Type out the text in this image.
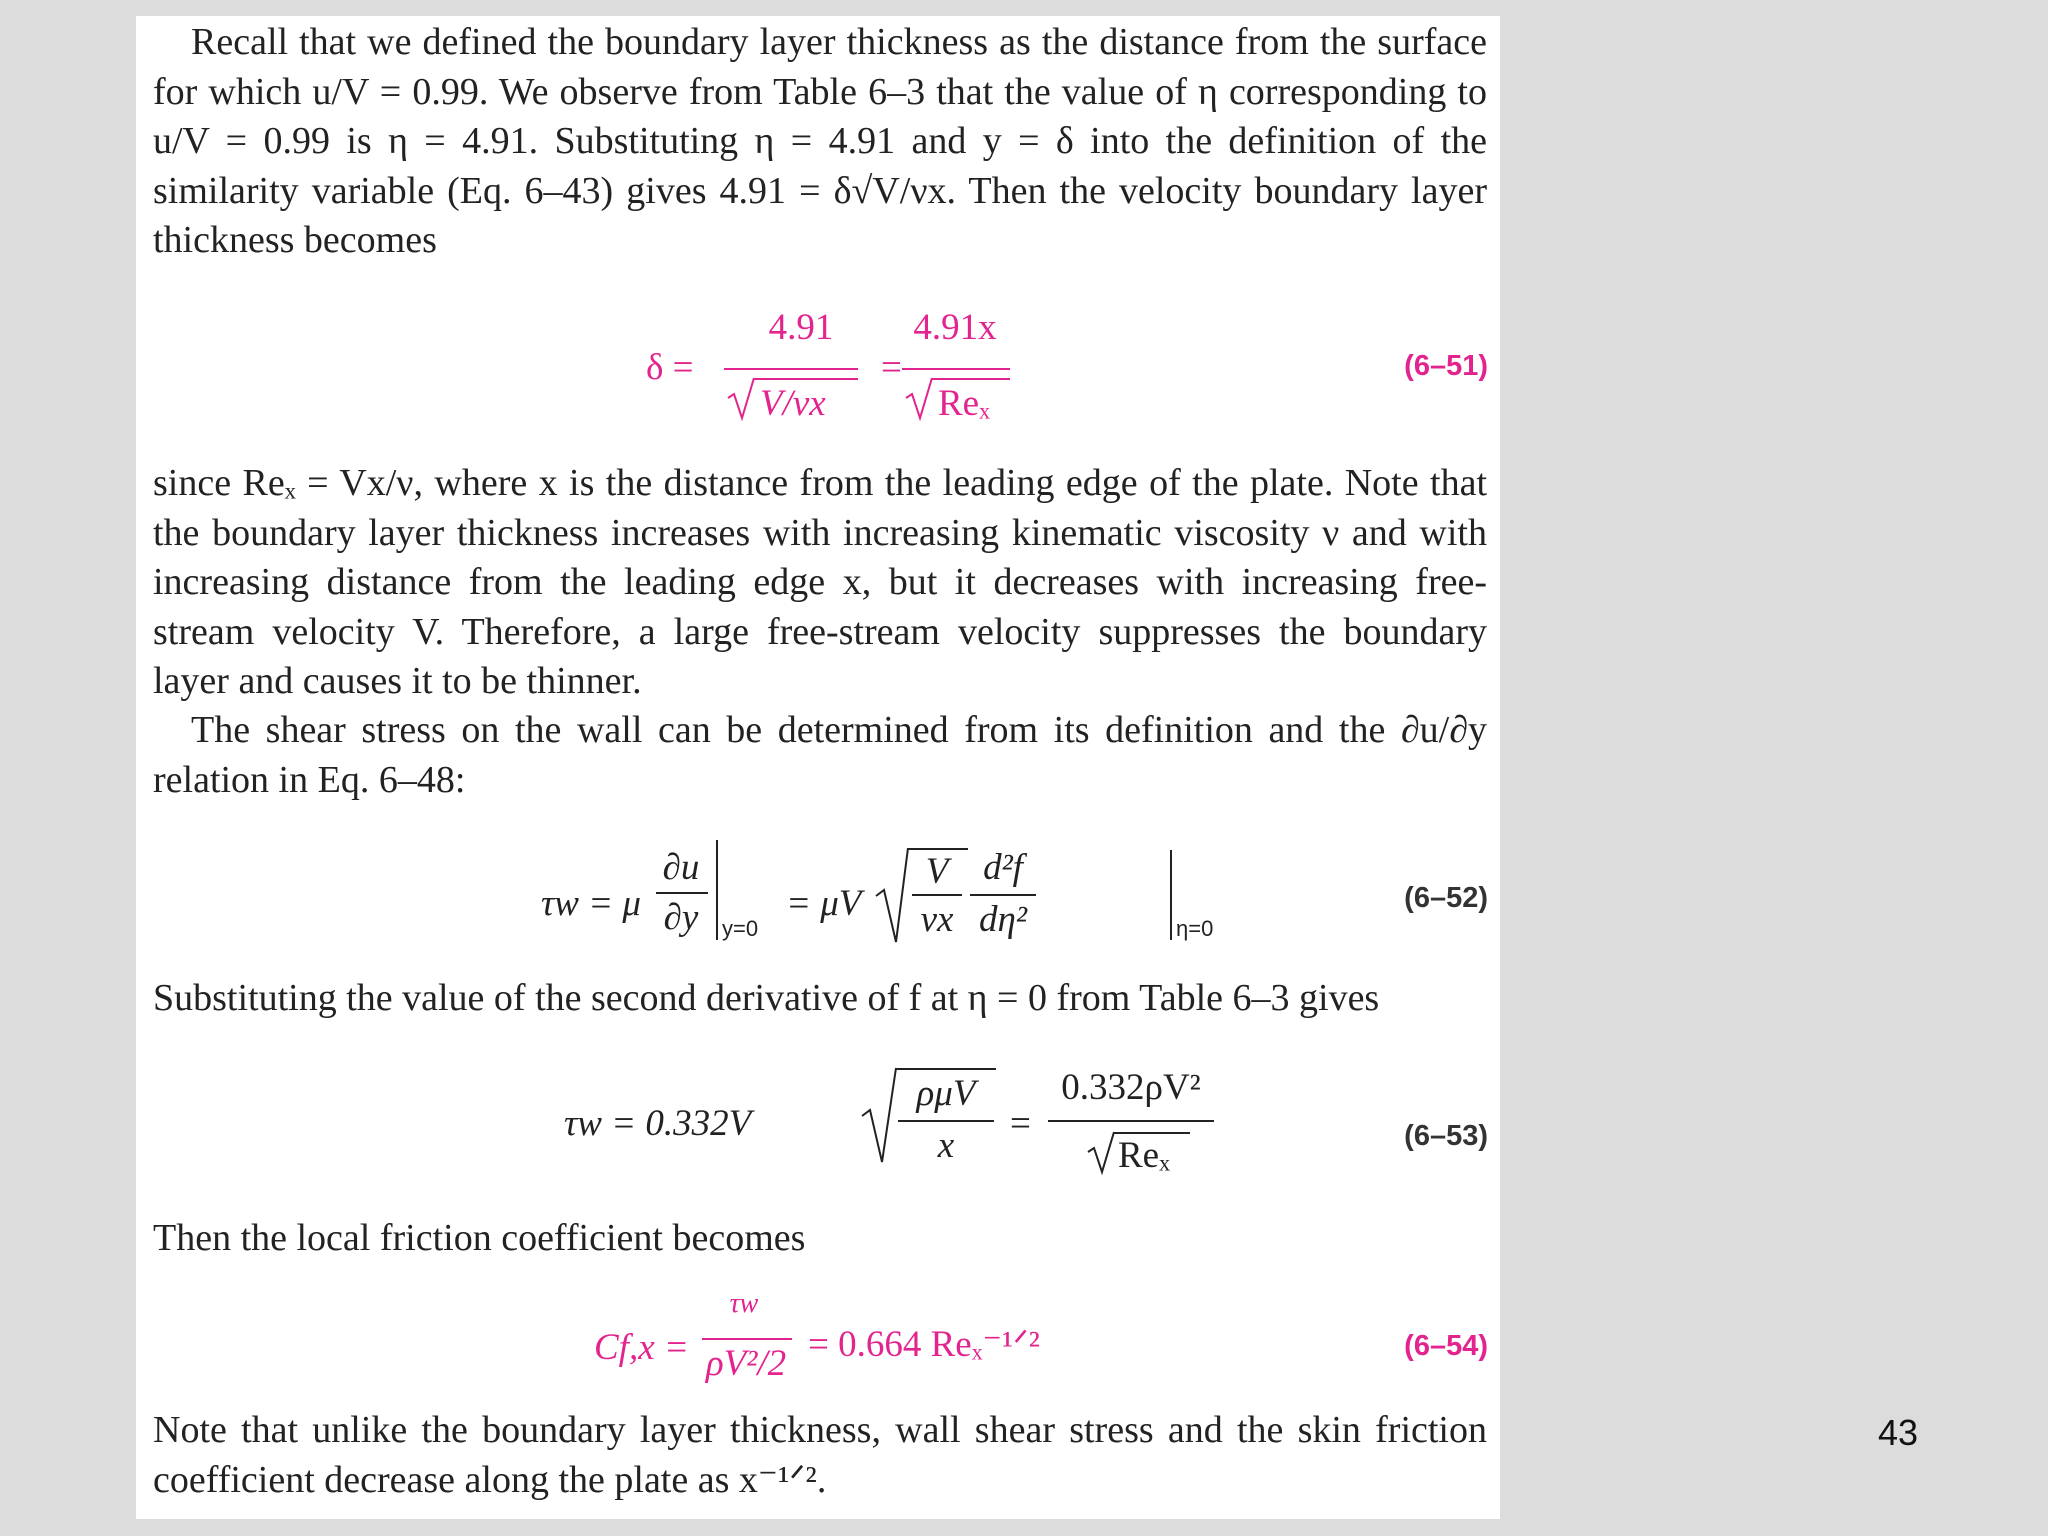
Recall that we defined the boundary layer thickness as the distance from the surface for which u/V = 0.99. We observe from Table 6–3 that the value of η corresponding to u/V = 0.99 is η = 4.91. Substituting η = 4.91 and y = δ into the definition of the similarity variable (Eq. 6–43) gives 4.91 = δ√V/νx. Then the velocity boundary layer thickness becomes

δ =
4.91
V/νx
=
4.91x
Reₓ
(6–51)

since Reₓ = Vx/ν, where x is the distance from the leading edge of the plate. Note that the boundary layer thickness increases with increasing kinematic viscosity ν and with increasing distance from the leading edge x, but it decreases with increasing free-stream velocity V. Therefore, a large free-stream velocity suppresses the boundary layer and causes it to be thinner.

The shear stress on the wall can be determined from its definition and the ∂u/∂y relation in Eq. 6–48:

τw = μ
∂u
∂y	y=0
= μV
V
νx
d²f
dη²	η=0
(6–52)

Substituting the value of the second derivative of f at η = 0 from Table 6–3 gives

τw = 0.332V
ρμV
x
=
0.332ρV²
Reₓ	(6–53)

Then the local friction coefficient becomes

Cf,x =
τw
ρV²/2 = 0.664 Reₓ⁻¹ᐟ²	(6–54)

Note that unlike the boundary layer thickness, wall shear stress and the skin friction coefficient decrease along the plate as x⁻¹ᐟ².

43
